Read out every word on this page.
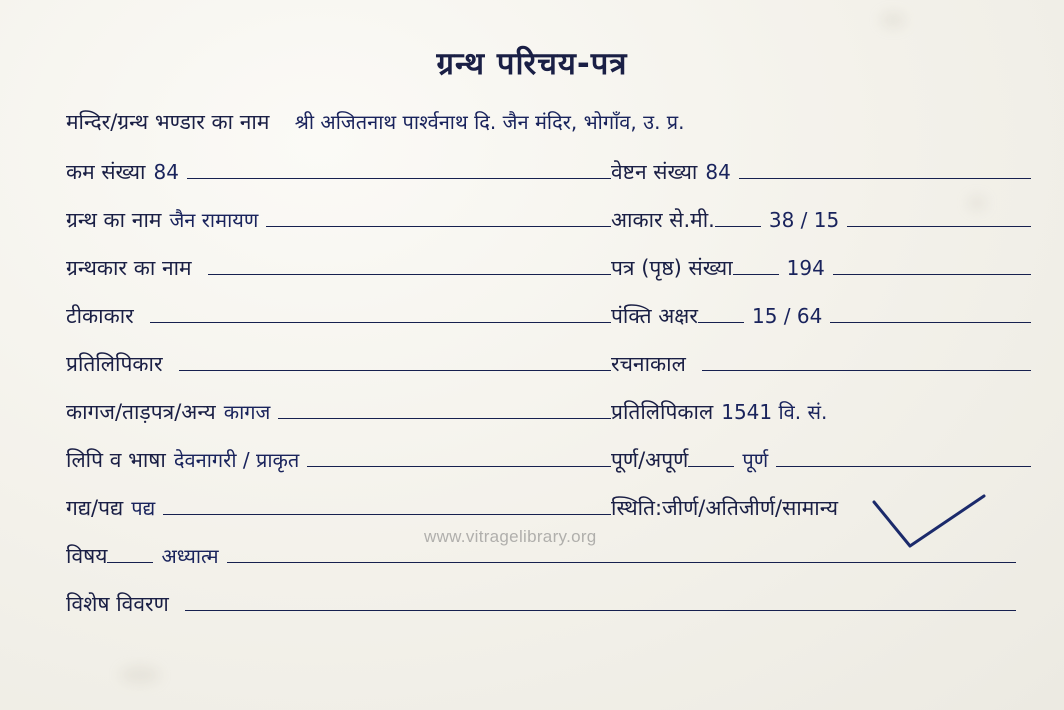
ग्रन्थ परिचय-पत्र
मन्दिर/ग्रन्थ भण्डार का नाम श्री अजितनाथ पार्श्वनाथ दि. जैन मंदिर, भोगाँव, उ. प्र.
कम संख्या 84	वेष्टन संख्या 84
ग्रन्थ का नाम जैन रामायण	आकार से.मी.	38 / 15
ग्रन्थकार का नाम	पत्र (पृष्ठ) संख्या	194
टीकाकार	पंक्ति अक्षर	15 / 64
प्रतिलिपिकार	रचनाकाल
कागज/ताड़पत्र/अन्य कागज	प्रतिलिपिकाल 1541 वि. सं.
लिपि व भाषा देवनागरी / प्राकृत	पूर्ण/अपूर्ण	पूर्ण
गद्य/पद्य पद्य	स्थिति:जीर्ण/अतिजीर्ण/सामान्य
विषय	अध्यात्म
विशेष विवरण
www.vitragelibrary.org
